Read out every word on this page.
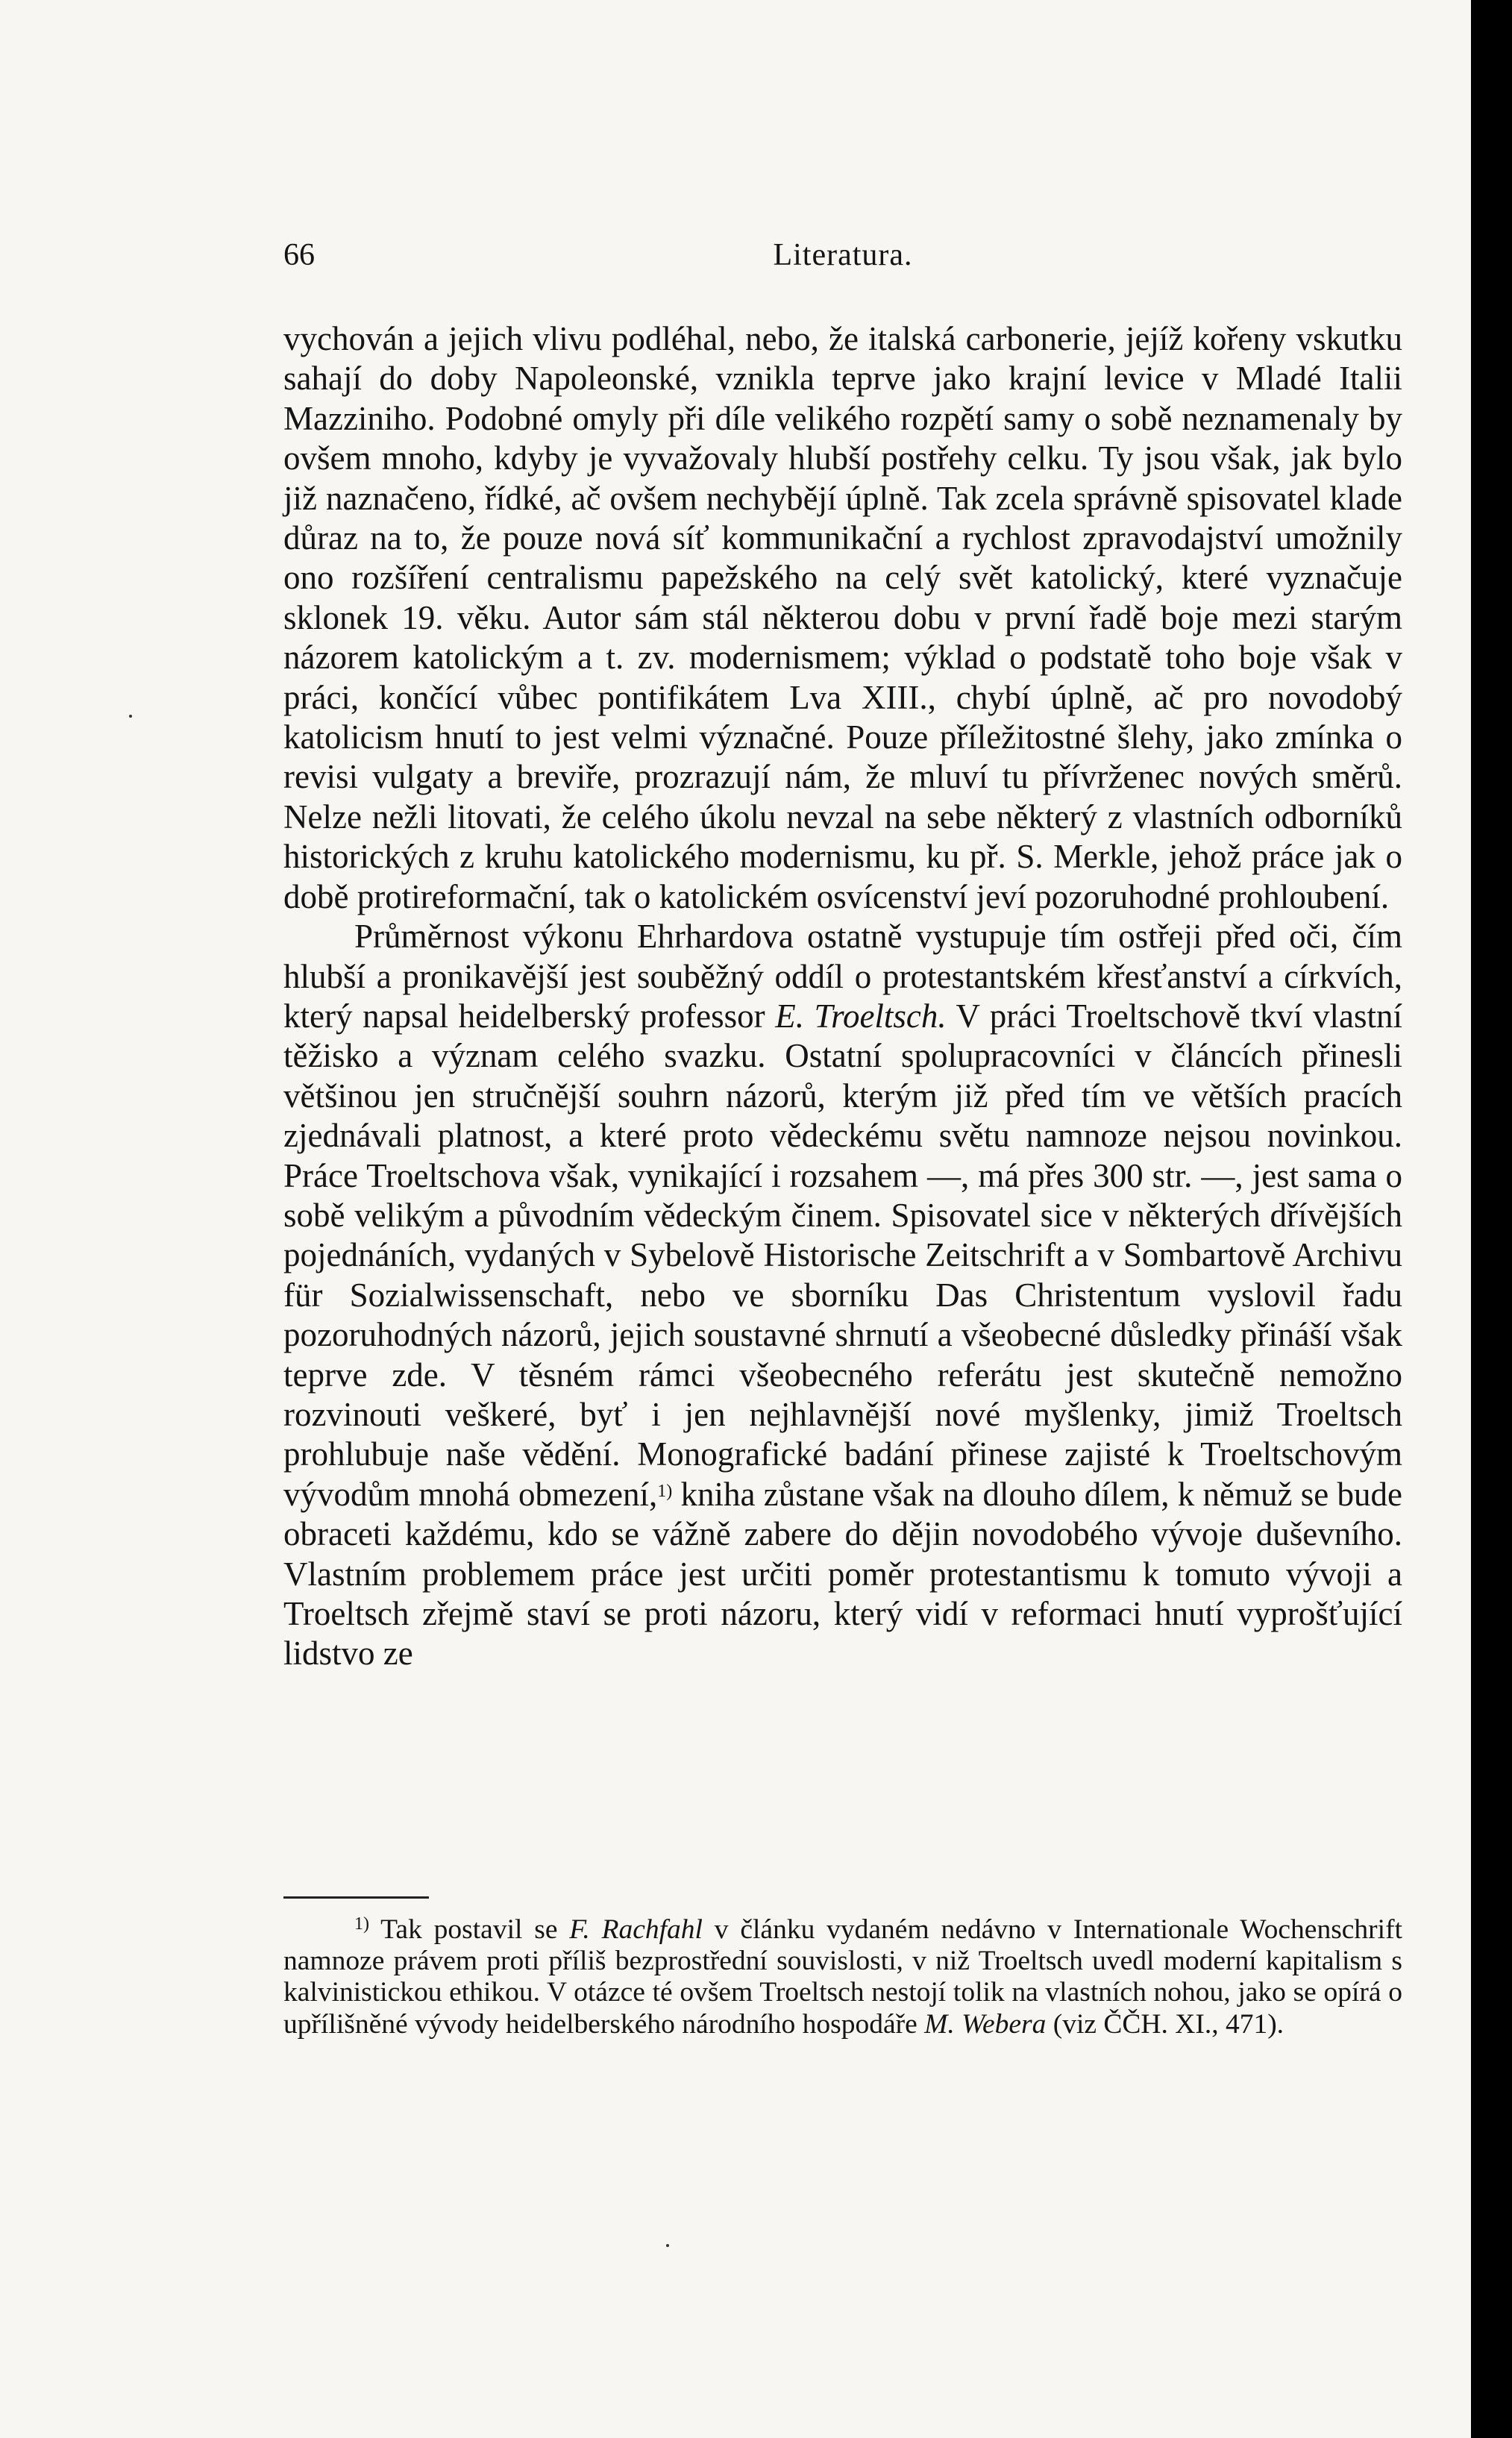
66	Literatura.

vychován a jejich vlivu podléhal, nebo, že italská carbonerie, jejíž kořeny vskutku sahají do doby Napoleonské, vznikla teprve jako krajní levice v Mladé Italii Mazziniho. Podobné omyly při díle velikého rozpětí samy o sobě neznamenaly by ovšem mnoho, kdyby je vyvažovaly hlubší postřehy celku. Ty jsou však, jak bylo již naznačeno, řídké, ač ovšem nechybějí úplně. Tak zcela správně spisovatel klade důraz na to, že pouze nová síť kommunikační a rychlost zpravodajství umožnily ono rozšíření centralismu papežského na celý svět katolický, které vyznačuje sklonek 19. věku. Autor sám stál některou dobu v první řadě boje mezi starým názorem katolickým a t. zv. modernismem; výklad o podstatě toho boje však v práci, končící vůbec pontifikátem Lva XIII., chybí úplně, ač pro novodobý katolicism hnutí to jest velmi význačné. Pouze příležitostné šlehy, jako zmínka o revisi vulgaty a breviře, prozrazují nám, že mluví tu přívrženec nových směrů. Nelze nežli litovati, že celého úkolu nevzal na sebe některý z vlastních odborníků historických z kruhu katolického modernismu, ku př. S. Merkle, jehož práce jak o době protireformační, tak o katolickém osvícenství jeví pozoruhodné prohloubení.

Průměrnost výkonu Ehrhardova ostatně vystupuje tím ostřeji před oči, čím hlubší a pronikavější jest souběžný oddíl o protestantském křesťanství a církvích, který napsal heidelberský professor E. Troeltsch. V práci Troeltschově tkví vlastní těžisko a význam celého svazku. Ostatní spolupracovníci v článcích přinesli většinou jen stručnější souhrn názorů, kterým již před tím ve větších pracích zjednávali platnost, a které proto vědeckému světu namnoze nejsou novinkou. Práce Troeltschova však, vynikající i rozsahem —, má přes 300 str. —, jest sama o sobě velikým a původním vědeckým činem. Spisovatel sice v některých dřívějších pojednáních, vydaných v Sybelově Historische Zeitschrift a v Sombartově Archivu für Sozialwissenschaft, nebo ve sborníku Das Christentum vyslovil řadu pozoruhodných názorů, jejich soustavné shrnutí a všeobecné důsledky přináší však teprve zde. V těsném rámci všeobecného referátu jest skutečně nemožno rozvinouti veškeré, byť i jen nejhlavnější nové myšlenky, jimiž Troeltsch prohlubuje naše vědění. Monografické badání přinese zajisté k Troeltschovým vývodům mnohá obmezení,$^{1)}$ kniha zůstane však na dlouho dílem, k němuž se bude obraceti každému, kdo se vážně zabere do dějin novodobého vývoje duševního. Vlastním problemem práce jest určiti poměr protestantismu k tomuto vývoji a Troeltsch zřejmě staví se proti názoru, který vidí v reformaci hnutí vyprošťující lidstvo ze

$^{1)}$ Tak postavil se F. Rachfahl v článku vydaném nedávno v Internationale Wochenschrift namnoze právem proti příliš bezprostřední souvislosti, v niž Troeltsch uvedl moderní kapitalism s kalvinistickou ethikou. V otázce té ovšem Troeltsch nestojí tolik na vlastních nohou, jako se opírá o upřílišněné vývody heidelberského národního hospodáře M. Webera (viz ČČH. XI., 471).
